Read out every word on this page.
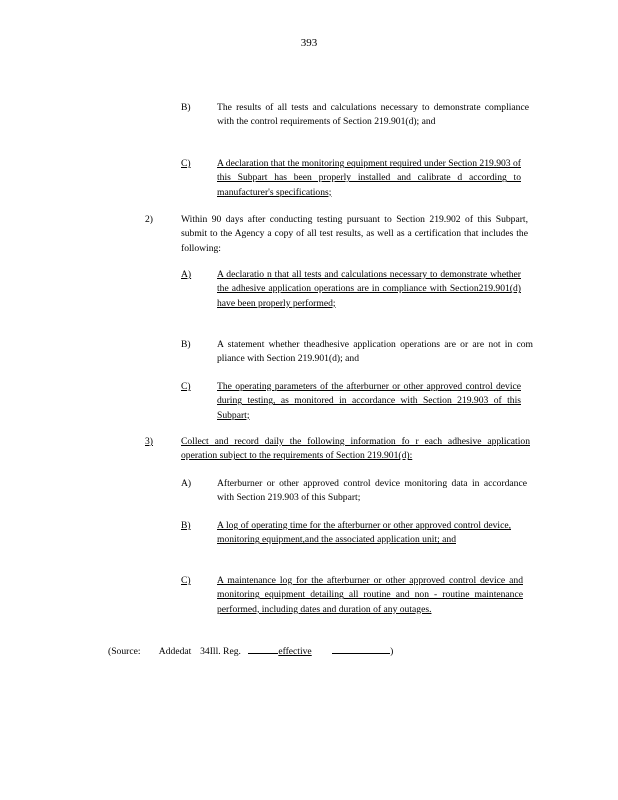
393
B)	The results of all tests and calculations necessary to demonstrate compliance with the control requirements of Section 219.901(d); and
C)	A declaration that the monitoring equipment required under Section 219.903 of this Subpart has been properly installed and calibrate d according to manufacturer's specifications;
2)	Within 90 days after conducting testing pursuant to Section 219.902 of this Subpart, submit to the Agency a copy of all test results, as well as a certification that includes the following:
A)	A declaratio n that all tests and calculations necessary to demonstrate whether the adhesive application operations are in compliance with Section219.901(d) have been properly performed;
B)	A statement whether theadhesive application operations are or are not in com pliance with Section 219.901(d); and
C)	The operating parameters of the afterburner or other approved control device during testing, as monitored in accordance with Section 219.903 of this Subpart;
3)	Collect and record daily the following information fo r each adhesive application operation subject to the requirements of Section 219.901(d):
A)	Afterburner or other approved control device monitoring data in accordance with Section 219.903 of this Subpart;
B)	A log of operating time for the afterburner or other approved control device, monitoring equipment,and the associated application unit; and
C)	A maintenance log for the afterburner or other approved control device and monitoring equipment detailing all routine and non - routine maintenance performed, including dates and duration of any outages.
(Source: Addedat 34Ill. Reg.	effective	)
